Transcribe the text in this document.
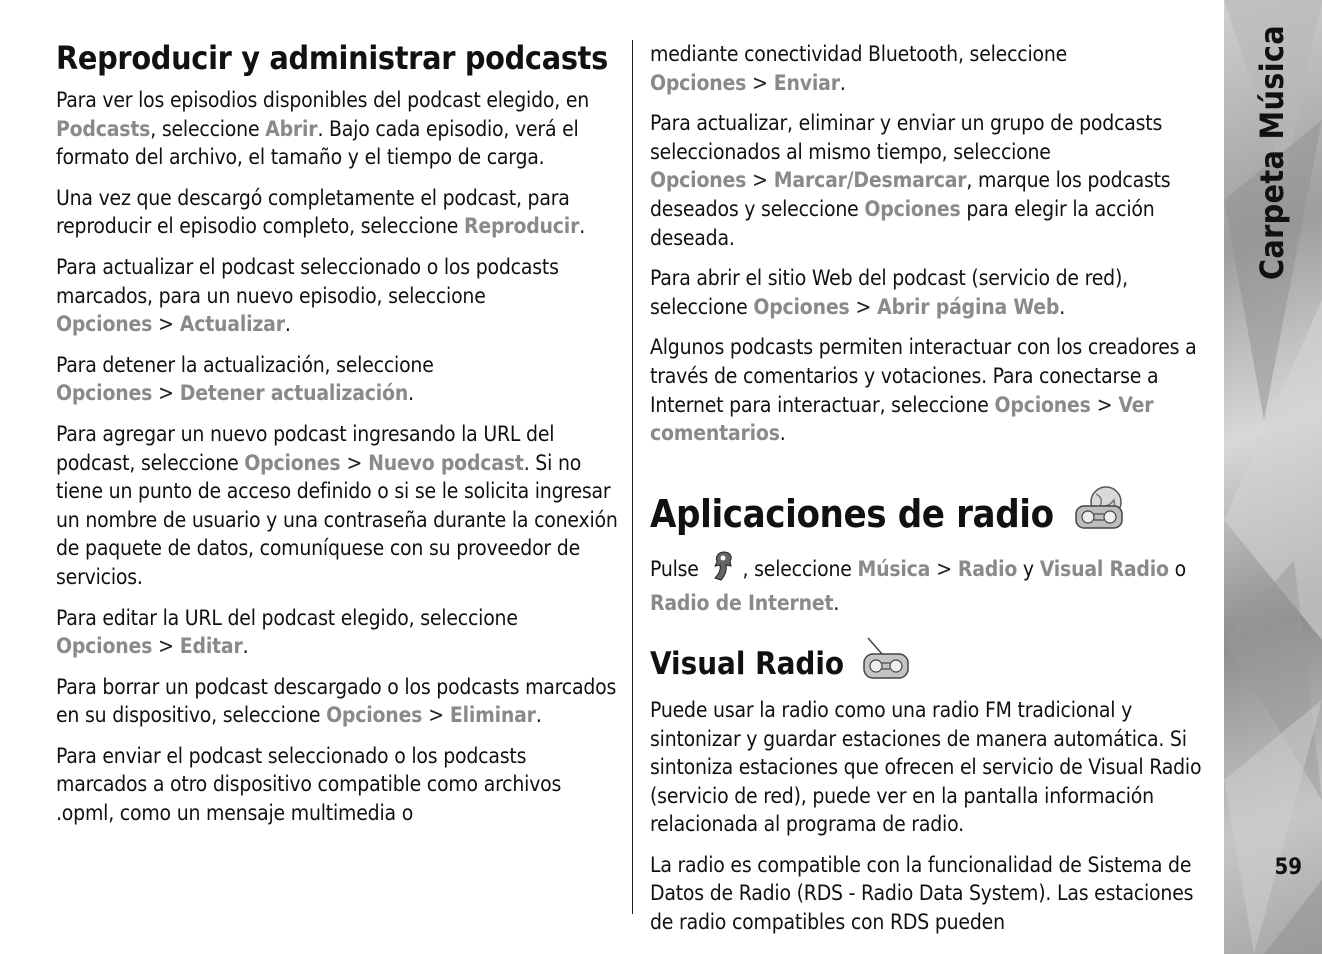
Reproducir y administrar podcasts

Para ver los episodios disponibles del podcast elegido, en Podcasts, seleccione Abrir. Bajo cada episodio, verá el formato del archivo, el tamaño y el tiempo de carga.

Una vez que descargó completamente el podcast, para reproducir el episodio completo, seleccione Reproducir.

Para actualizar el podcast seleccionado o los podcasts marcados, para un nuevo episodio, seleccione Opciones > Actualizar.

Para detener la actualización, seleccione Opciones > Detener actualización.

Para agregar un nuevo podcast ingresando la URL del podcast, seleccione Opciones > Nuevo podcast. Si no tiene un punto de acceso definido o si se le solicita ingresar un nombre de usuario y una contraseña durante la conexión de paquete de datos, comuníquese con su proveedor de servicios.

Para editar la URL del podcast elegido, seleccione Opciones > Editar.

Para borrar un podcast descargado o los podcasts marcados en su dispositivo, seleccione Opciones > Eliminar.

Para enviar el podcast seleccionado o los podcasts marcados a otro dispositivo compatible como archivos .opml, como un mensaje multimedia o

mediante conectividad Bluetooth, seleccione Opciones > Enviar.

Para actualizar, eliminar y enviar un grupo de podcasts seleccionados al mismo tiempo, seleccione Opciones > Marcar/Desmarcar, marque los podcasts deseados y seleccione Opciones para elegir la acción deseada.

Para abrir el sitio Web del podcast (servicio de red), seleccione Opciones > Abrir página Web.

Algunos podcasts permiten interactuar con los creadores a través de comentarios y votaciones. Para conectarse a Internet para interactuar, seleccione Opciones > Ver comentarios.

Aplicaciones de radio

Pulse , seleccione Música > Radio y Visual Radio o Radio de Internet.

Visual Radio

Puede usar la radio como una radio FM tradicional y sintonizar y guardar estaciones de manera automática. Si sintoniza estaciones que ofrecen el servicio de Visual Radio (servicio de red), puede ver en la pantalla información relacionada al programa de radio.

La radio es compatible con la funcionalidad de Sistema de Datos de Radio (RDS - Radio Data System). Las estaciones de radio compatibles con RDS pueden

Carpeta Música
59
